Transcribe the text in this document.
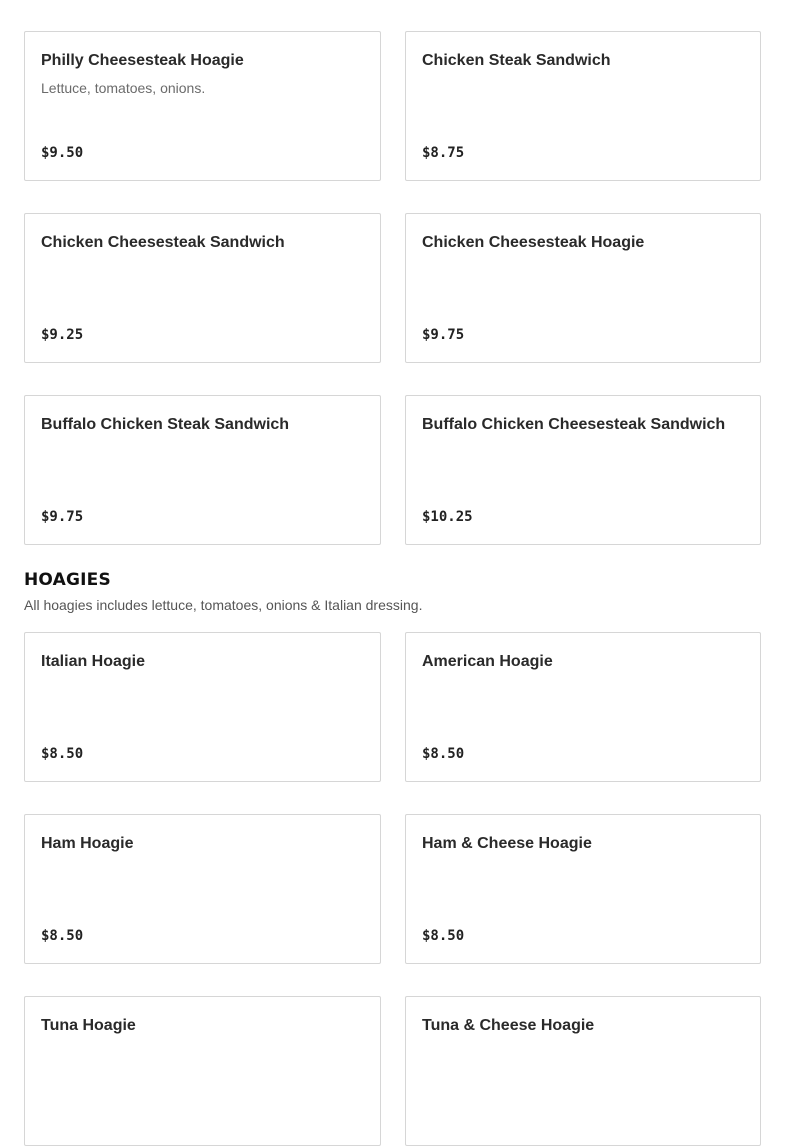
Philly Cheesesteak Hoagie
Lettuce, tomatoes, onions.
$9.50
Chicken Steak Sandwich
$8.75
Chicken Cheesesteak Sandwich
$9.25
Chicken Cheesesteak Hoagie
$9.75
Buffalo Chicken Steak Sandwich
$9.75
Buffalo Chicken Cheesesteak Sandwich
$10.25
HOAGIES
All hoagies includes lettuce, tomatoes, onions & Italian dressing.
Italian Hoagie
$8.50
American Hoagie
$8.50
Ham Hoagie
$8.50
Ham & Cheese Hoagie
$8.50
Tuna Hoagie	Tuna & Cheese Hoagie
